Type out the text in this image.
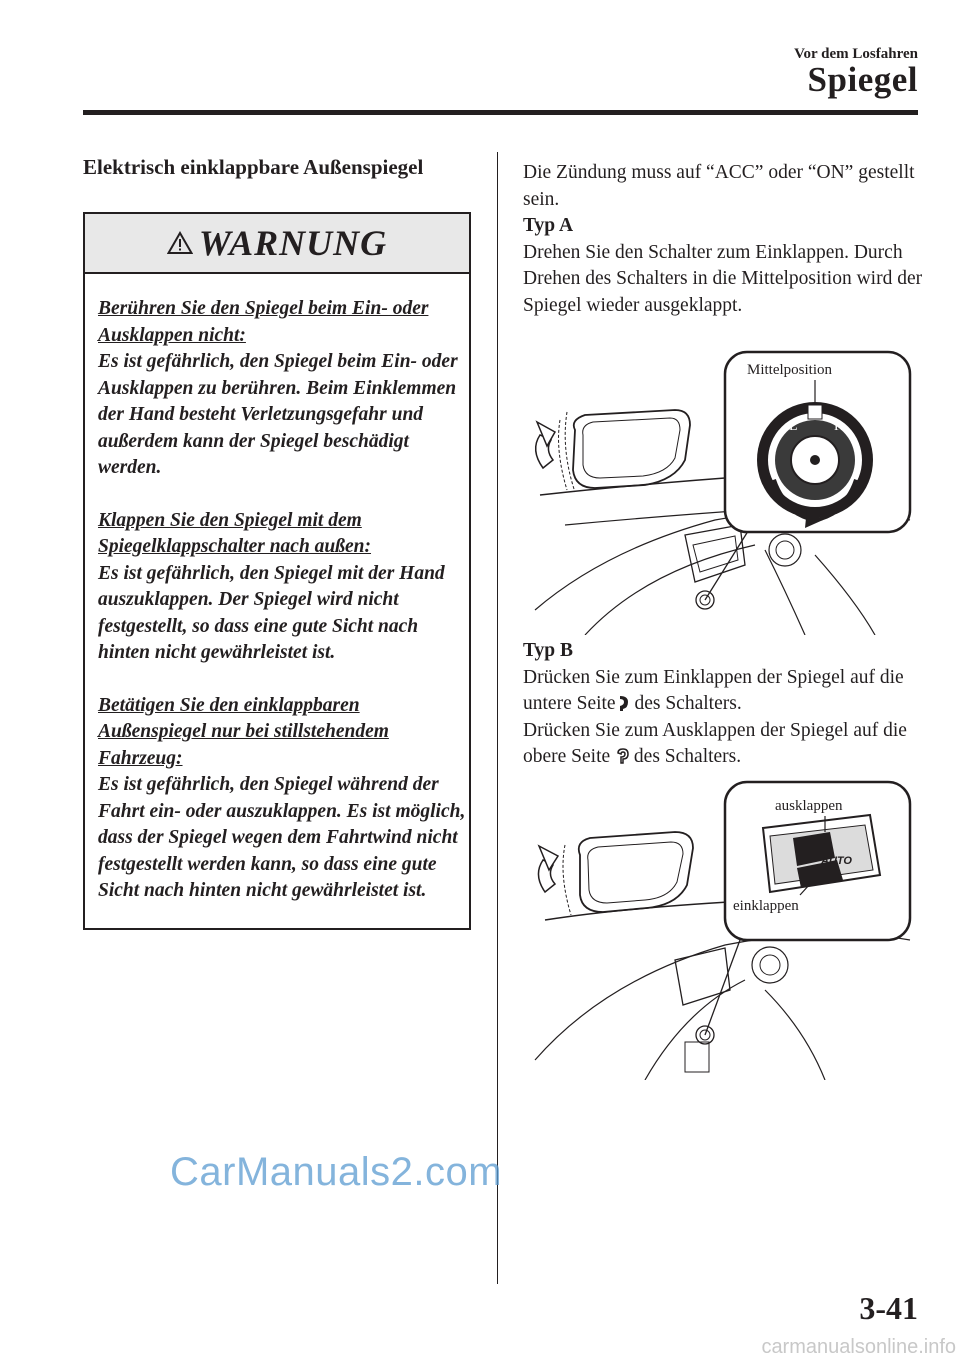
Vor dem Losfahren
Spiegel
Elektrisch einklappbare Außenspiegel
WARNUNG

Berühren Sie den Spiegel beim Ein- oder Ausklappen nicht:
Es ist gefährlich, den Spiegel beim Ein- oder Ausklappen zu berühren. Beim Einklemmen der Hand besteht Verletzungsgefahr und außerdem kann der Spiegel beschädigt werden.

Klappen Sie den Spiegel mit dem Spiegelklappschalter nach außen:
Es ist gefährlich, den Spiegel mit der Hand auszuklappen. Der Spiegel wird nicht festgestellt, so dass eine gute Sicht nach hinten nicht gewährleistet ist.

Betätigen Sie den einklappbaren Außenspiegel nur bei stillstehendem Fahrzeug:
Es ist gefährlich, den Spiegel während der Fahrt ein- oder auszuklappen. Es ist möglich, dass der Spiegel wegen dem Fahrtwind nicht festgestellt werden kann, so dass eine gute Sicht nach hinten nicht gewährleistet ist.

Die Zündung muss auf “ACC” oder “ON” gestellt sein.

Typ A

Drehen Sie den Schalter zum Einklappen. Durch Drehen des Schalters in die Mittelposition wird der Spiegel wieder ausgeklappt.

Mittelposition
L	R

Typ B

Drücken Sie zum Einklappen der Spiegel auf die untere Seite des Schalters.

Drücken Sie zum Ausklappen der Spiegel auf die obere Seite des Schalters.

ausklappen
einklappen
AUTO
CarManuals2.com
3-41
carmanualsonline.info
